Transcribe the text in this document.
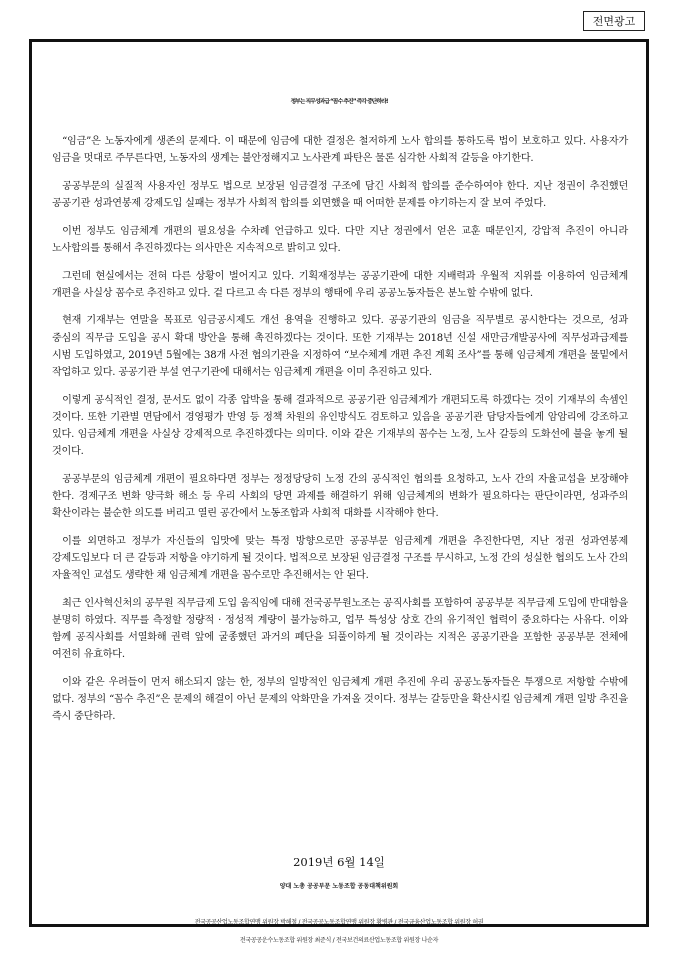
전면광고
정부는 직무성과급 “꼼수 추진” 즉각 중단하라!

“임금”은 노동자에게 생존의 문제다. 이 때문에 임금에 대한 결정은 철저하게 노사 합의를 통하도록 법이 보호하고 있다. 사용자가 임금을 멋대로 주무른다면, 노동자의 생계는 불안정해지고 노사관계 파탄은 물론 심각한 사회적 갈등을 야기한다.

공공부문의 실질적 사용자인 정부도 법으로 보장된 임금결정 구조에 담긴 사회적 합의를 준수하여야 한다. 지난 정권이 추진했던 공공기관 성과연봉제 강제도입 실패는 정부가 사회적 합의를 외면했을 때 어떠한 문제를 야기하는지 잘 보여 주었다.

이번 정부도 임금체계 개편의 필요성을 수차례 언급하고 있다. 다만 지난 정권에서 얻은 교훈 때문인지, 강압적 추진이 아니라 노사합의를 통해서 추진하겠다는 의사만은 지속적으로 밝히고 있다.

그런데 현실에서는 전혀 다른 상황이 벌어지고 있다. 기획재정부는 공공기관에 대한 지배력과 우월적 지위를 이용하여 임금체계 개편을 사실상 꼼수로 추진하고 있다. 겉 다르고 속 다른 정부의 행태에 우리 공공노동자들은 분노할 수밖에 없다.

현재 기재부는 연말을 목표로 임금공시제도 개선 용역을 진행하고 있다. 공공기관의 임금을 직무별로 공시한다는 것으로, 성과 중심의 직무급 도입을 공시 확대 방안을 통해 촉진하겠다는 것이다. 또한 기재부는 2018년 신설 새만금개발공사에 직무성과급제를 시범 도입하였고, 2019년 5월에는 38개 사전 협의기관을 지정하여 “보수체계 개편 추진 계획 조사”를 통해 임금체계 개편을 물밑에서 작업하고 있다. 공공기관 부설 연구기관에 대해서는 임금체계 개편을 이미 추진하고 있다.

이렇게 공식적인 결정, 문서도 없이 각종 압박을 통해 결과적으로 공공기관 임금체계가 개편되도록 하겠다는 것이 기재부의 속셈인 것이다. 또한 기관별 면담에서 경영평가 반영 등 정책 차원의 유인방식도 검토하고 있음을 공공기관 담당자들에게 암암리에 강조하고 있다. 임금체계 개편을 사실상 강제적으로 추진하겠다는 의미다. 이와 같은 기재부의 꼼수는 노정, 노사 갈등의 도화선에 불을 놓게 될 것이다.

공공부문의 임금체계 개편이 필요하다면 정부는 정정당당히 노정 간의 공식적인 협의를 요청하고, 노사 간의 자율교섭을 보장해야 한다. 경제구조 변화 양극화 해소 등 우리 사회의 당면 과제를 해결하기 위해 임금체계의 변화가 필요하다는 판단이라면, 성과주의 확산이라는 불순한 의도를 버리고 열린 공간에서 노동조합과 사회적 대화를 시작해야 한다.

이를 외면하고 정부가 자신들의 입맛에 맞는 특정 방향으로만 공공부문 임금체계 개편을 추진한다면, 지난 정권 성과연봉제 강제도입보다 더 큰 갈등과 저항을 야기하게 될 것이다. 법적으로 보장된 임금결정 구조를 무시하고, 노정 간의 성실한 협의도 노사 간의 자율적인 교섭도 생략한 채 임금체계 개편을 꼼수로만 추진해서는 안 된다.

최근 인사혁신처의 공무원 직무급제 도입 움직임에 대해 전국공무원노조는 공직사회를 포함하여 공공부문 직무급제 도입에 반대함을 분명히 하였다. 직무를 측정할 정량적 · 정성적 계량이 불가능하고, 업무 특성상 상호 간의 유기적인 협력이 중요하다는 사유다. 이와 함께 공직사회를 서열화해 권력 앞에 굴종했던 과거의 폐단을 되풀이하게 될 것이라는 지적은 공공기관을 포함한 공공부문 전체에 여전히 유효하다.

이와 같은 우려들이 먼저 해소되지 않는 한, 정부의 일방적인 임금체계 개편 추진에 우리 공공노동자들은 투쟁으로 저항할 수밖에 없다. 정부의 “꼼수 추진”은 문제의 해결이 아닌 문제의 악화만을 가져올 것이다. 정부는 갈등만을 확산시킬 임금체계 개편 일방 추진을 즉시 중단하라.

2019년 6월 14일
양대 노총 공공부문 노동조합 공동대책위원회
전국공공산업노동조합연맹 위원장 박해철 / 전국공공노동조합연맹 위원장 황병관 / 전국금융산업노동조합 위원장 허권
전국공공운수노동조합 위원장 최준식 / 전국보건의료산업노동조합 위원장 나순자
